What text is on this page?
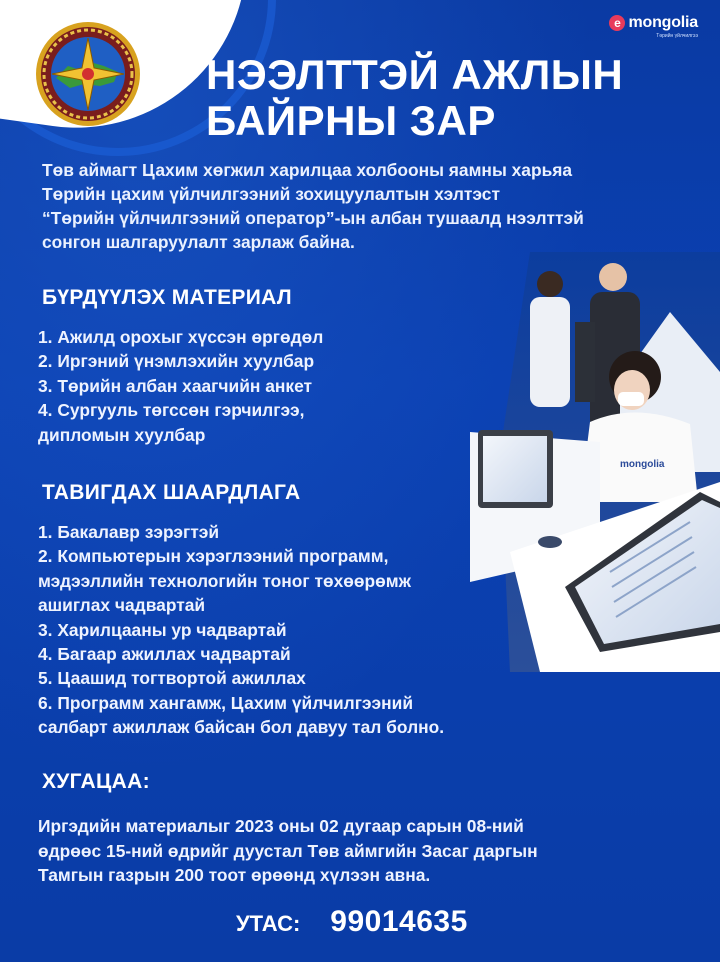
e mongolia
Төрийн үйлчилгээ
НЭЭЛТТЭЙ АЖЛЫН
БАЙРНЫ ЗАР
Төв аймагт Цахим хөгжил харилцаа холбооны яамны харьяа
Төрийн цахим үйлчилгээний зохицуулалтын хэлтэст
“Төрийн үйлчилгээний оператор”-ын албан тушаалд нээлттэй
сонгон шалгаруулалт зарлаж байна.
mongolia
БҮРДҮҮЛЭХ МАТЕРИАЛ
1. Ажилд орохыг хүссэн өргөдөл
2. Иргэний үнэмлэхийн хуулбар
3. Төрийн албан хаагчийн анкет
4. Сургууль төгссөн гэрчилгээ,
дипломын хуулбар
ТАВИГДАХ ШААРДЛАГА
1. Бакалавр зэрэгтэй
2. Компьютерын хэрэглээний программ,
мэдээллийн технологийн тоног төхөөрөмж
ашиглах чадвартай
3. Харилцааны ур чадвартай
4. Багаар ажиллах чадвартай
5. Цаашид тогтвортой ажиллах
6. Программ хангамж, Цахим үйлчилгээний
салбарт ажиллаж байсан бол давуу тал болно.
ХУГАЦАА:
Иргэдийн материалыг 2023 оны 02 дугаар сарын 08-ний
өдрөөс 15-ний өдрийг дуустал Төв аймгийн Засаг даргын
Тамгын газрын 200 тоот өрөөнд хүлээн авна.
УТАС: 99014635
